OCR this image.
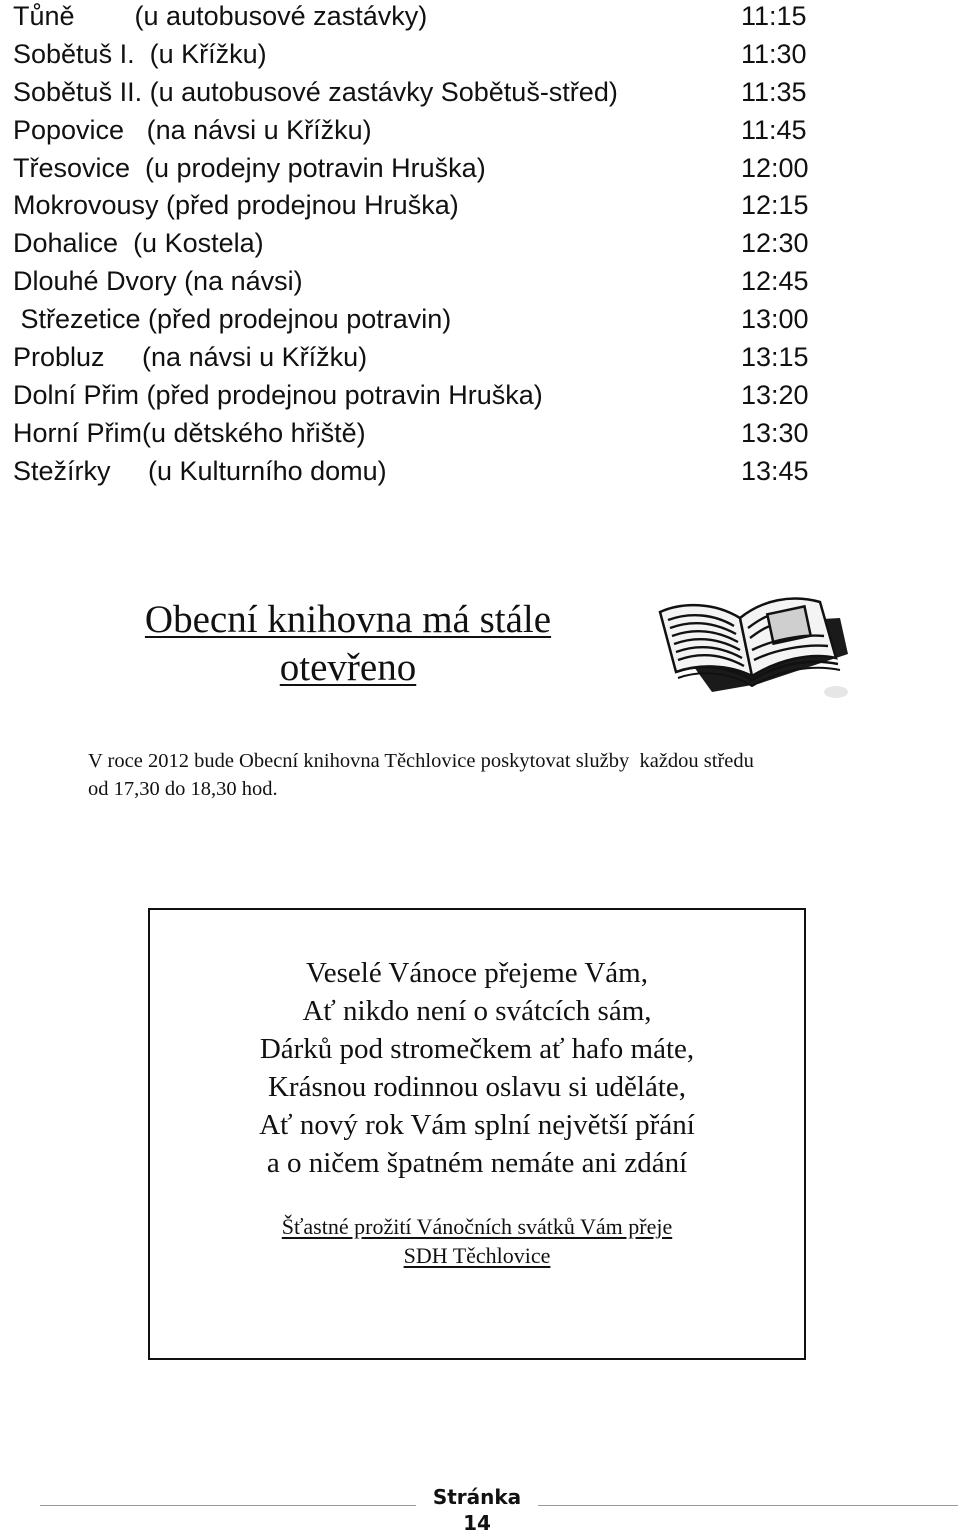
Tůně        (u autobusové zastávky)	11:15
Sobětuš I.  (u Křížku)	11:30
Sobětuš II. (u autobusové zastávky Sobětuš-střed)	11:35
Popovice   (na návsi u Křížku)	11:45
Třesovice  (u prodejny potravin Hruška)	12:00
Mokrovousy (před prodejnou Hruška)	12:15
Dohalice  (u Kostela)	12:30
Dlouhé Dvory (na návsi)	12:45
Střezetice (před prodejnou potravin)	13:00
Probluz     (na návsi u Křížku)	13:15
Dolní Přim (před prodejnou potravin Hruška)	13:20
Horní Přim(u dětského hřiště)	13:30
Stežírky     (u Kulturního domu)	13:45
Obecní knihovna má stále
otevřeno
V roce 2012 bude Obecní knihovna Těchlovice poskytovat služby  každou středu
od 17,30 do 18,30 hod.
Veselé Vánoce přejeme Vám,
Ať nikdo není o svátcích sám,
Dárků pod stromečkem ať hafo máte,
Krásnou rodinnou oslavu si uděláte,
Ať nový rok Vám splní největší přání
a o ničem špatném nemáte ani zdání
Šťastné prožití Vánočních svátků Vám přeje
SDH Těchlovice
Stránka
14
